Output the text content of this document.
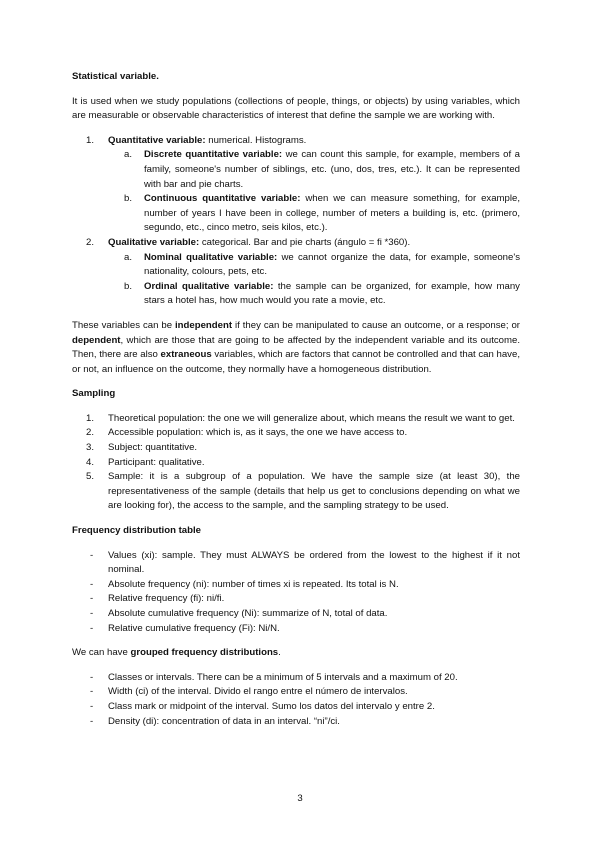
Statistical variable.
It is used when we study populations (collections of people, things, or objects) by using variables, which are measurable or observable characteristics of interest that define the sample we are working with.
1.	Quantitative variable: numerical. Histograms.
a.	Discrete quantitative variable: we can count this sample, for example, members of a family, someone's number of siblings, etc. (uno, dos, tres, etc.). It can be represented with bar and pie charts.
b.	Continuous quantitative variable: when we can measure something, for example, number of years I have been in college, number of meters a building is, etc. (primero, segundo, etc., cinco metro, seis kilos, etc.).
2.	Qualitative variable: categorical. Bar and pie charts (ángulo = fi *360).
a.	Nominal qualitative variable: we cannot organize the data, for example, someone's nationality, colours, pets, etc.
b.	Ordinal qualitative variable: the sample can be organized, for example, how many stars a hotel has, how much would you rate a movie, etc.
These variables can be independent if they can be manipulated to cause an outcome, or a response; or dependent, which are those that are going to be affected by the independent variable and its outcome. Then, there are also extraneous variables, which are factors that cannot be controlled and that can have, or not, an influence on the outcome, they normally have a homogeneous distribution.
Sampling
1.	Theoretical population: the one we will generalize about, which means the result we want to get.
2.	Accessible population: which is, as it says, the one we have access to.
3.	Subject: quantitative.
4.	Participant: qualitative.
5.	Sample: it is a subgroup of a population. We have the sample size (at least 30), the representativeness of the sample (details that help us get to conclusions depending on what we are looking for), the access to the sample, and the sampling strategy to be used.
Frequency distribution table
-	Values (xi): sample. They must ALWAYS be ordered from the lowest to the highest if it not nominal.
-	Absolute frequency (ni): number of times xi is repeated. Its total is N.
-	Relative frequency (fi): ni/fi.
-	Absolute cumulative frequency (Ni): summarize of N, total of data.
-	Relative cumulative frequency (Fi): Ni/N.
We can have grouped frequency distributions.
-	Classes or intervals. There can be a minimum of 5 intervals and a maximum of 20.
-	Width (ci) of the interval. Divido el rango entre el número de intervalos.
-	Class mark or midpoint of the interval. Sumo los datos del intervalo y entre 2.
-	Density (di): concentration of data in an interval. “ni”/ci.
3
